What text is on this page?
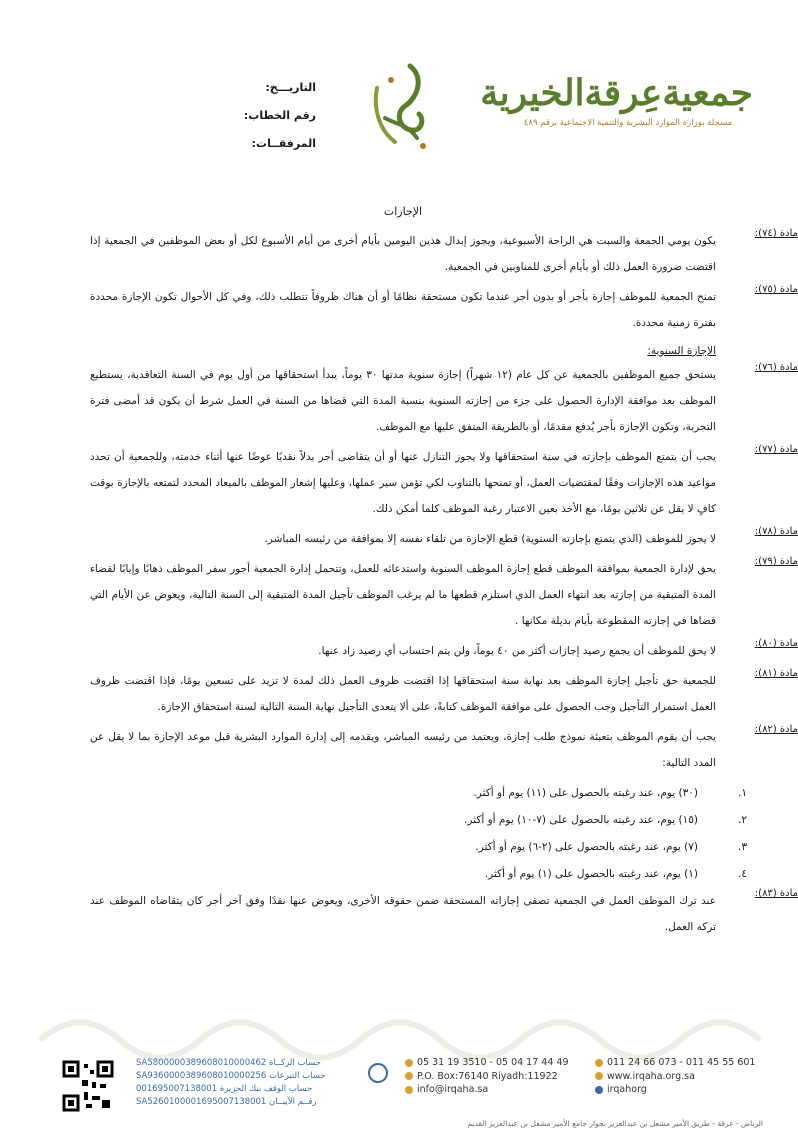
جمعيةعِرقةالخيرية
مسجلة بوزارة الموارد البشرية والتنمية الاجتماعية برقم ٤٨٩
التاريـــخ:
رقم الخطاب:
المرفقــات:
الإجازات
مادة (٧٤):
يكون يومي الجمعة والسبت هي الراحة الأسبوعية، ويجوز إبدال هذين اليومين بأيام أخرى من أيام الأسبوع لكل أو بعض الموظفين في الجمعية إذا اقتضت ضرورة العمل ذلك أو بأيام أخرى للمناوبين في الجمعية.
مادة (٧٥):
تمنح الجمعية للموظف إجازة بأجر أو بدون أجر عندما تكون مستحقة نظامًا أو أن هناك ظروفاً تتطلب ذلك، وفي كل الأحوال تكون الإجازة محددة بفترة زمنية محددة.
الإجازة السنوية:
مادة (٧٦):
يستحق جميع الموظفين بالجمعية عن كل عام (١٢ شهراً) إجازة سنوية مدتها ٣٠ يوماً، يبدأ استحقاقها من أول يوم في السنة التعاقدية، يستطيع الموظف بعد موافقة الإدارة الحصول على جزء من إجازته السنوية بنسبة المدة التي قضاها من السنة في العمل شرط أن يكون قد أمضى فترة التجربة، وتكون الإجازة بأجر يُدفع مقدمًا، أو بالطريقة المتفق عليها مع الموظف.
مادة (٧٧):
يجب أن يتمتع الموظف بإجازته في سنة استحقاقها ولا يجوز التنازل عنها أو أن يتقاضى أجر بدلاً نقديًا عوضًا عنها أثناء خدمته، وللجمعية أن تحدد مواعيد هذه الإجازات وفقًا لمقتضيات العمل، أو تمنحها بالتناوب لكي تؤمن سير عملها، وعليها إشعار الموظف بالميعاد المحدد لتمتعه بالإجازة بوقت كافٍ لا يقل عن ثلاثين يومًا، مع الأخذ بعين الاعتبار رغبة الموظف كلما أمكن ذلك.
مادة (٧٨):
لا يجوز للموظف (الذي يتمتع بإجازته السنوية) قطع الإجازة من تلقاء نفسه إلا بموافقة من رئيسه المباشر.
مادة (٧٩):
يحق لإدارة الجمعية بموافقة الموظف قطع إجازة الموظف السنوية واستدعائه للعمل، وتتحمل إدارة الجمعية أجور سفر الموظف ذهابًا وإيابًا لقضاء المدة المتبقية من إجازته بعد انتهاء العمل الذي استلزم قطعها ما لم يرغب الموظف تأجيل المدة المتبقية إلى السنة التالية، ويعوض عن الأيام التي قضاها في إجازته المقطوعة بأيام بديلة مكانها .
مادة (٨٠):
لا يحق للموظف أن يجمع رصيد إجازات أكثر من ٤٠ يوماً، ولن يتم احتساب أي رصيد زاد عنها.
مادة (٨١):
للجمعية حق تأجيل إجازة الموظف بعد نهاية سنة استحقاقها إذا اقتضت ظروف العمل ذلك لمدة لا تزيد على تسعين يومًا، فإذا اقتضت ظروف العمل استمرار التأجيل وجب الحصول على موافقة الموظف كتابةً، على ألا يتعدى التأجيل نهاية السنة التالية لسنة استحقاق الإجازة.
مادة (٨٢):
يجب أن يقوم الموظف بتعبئة نموذج طلب إجازة، ويعتمد من رئيسه المباشر، ويقدمه إلى إدارة الموارد البشرية قبل موعد الإجازة بما لا يقل عن المدد التالية:
١.
(٣٠) يوم، عند رغبته بالحصول على (١١) يوم أو أكثر.
٢.
(١٥) يوم، عند رغبته بالحصول على (٧-١٠) يوم أو أكثر.
٣.
(٧) يوم، عند رغبته بالحصول على (٢-٦) يوم أو أكثر.
٤.
(١) يوم، عند رغبته بالحصول على (١) يوم أو أكثر.
مادة (٨٣):
عند ترك الموظف العمل في الجمعية تصفى إجازاته المستحقة ضمن حقوقه الأخرى، ويعوض عنها نقدًا وفق آخر أجر كان يتقاضاه الموظف عند تركه العمل.
SA5800000389608010000462 حساب الزكــاة
SA9360000389608010000256 حساب التبرعات
001695007138001 حساب الوقف بنك الجزيرة
SA5260100001695007138001 رقــم الآيبــان
05 31 19 3510 - 05 04 17 44 49
P.O. Box:76140 Riyadh:11922
info@irqaha.sa
011 24 66 073 - 011 45 55 601
www.irqaha.org.sa
irqahorg
الرياض - عرقة - طريق الأمير مشعل بن عبدالعزيز بجوار جامع الأمير مشعل بن عبدالعزيز القديم
